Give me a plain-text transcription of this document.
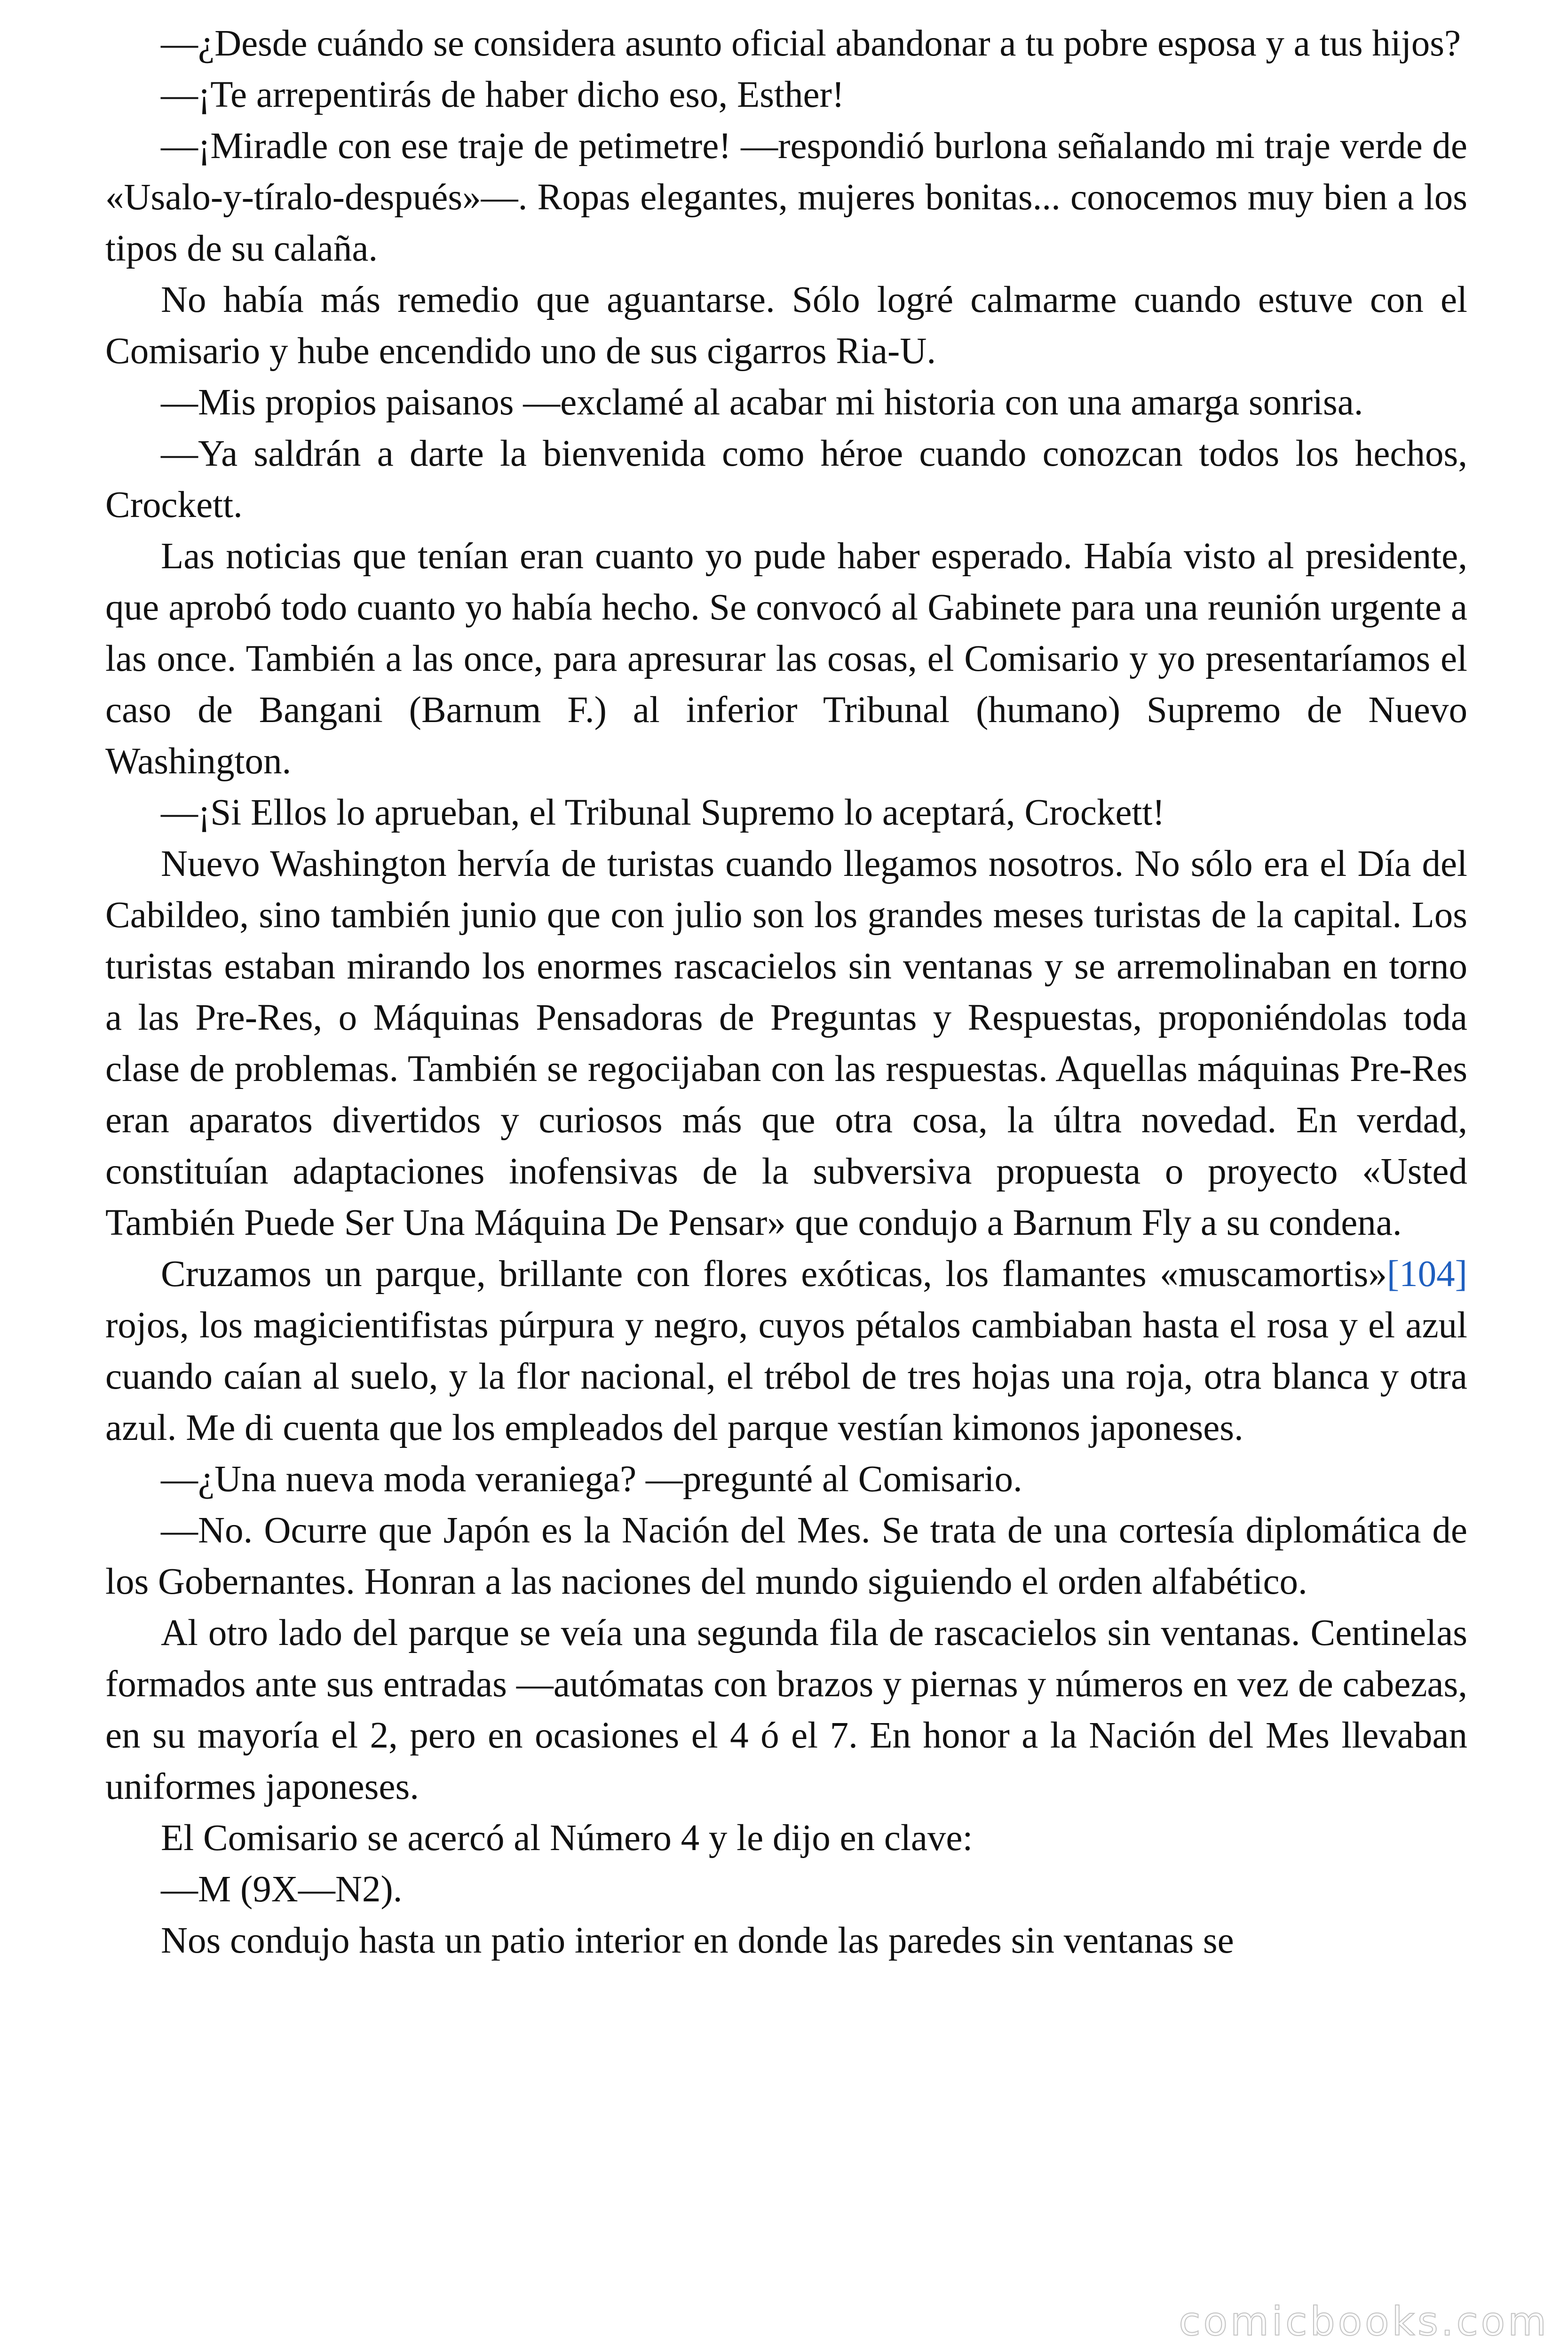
—¿Desde cuándo se considera asunto oficial abandonar a tu pobre esposa y a tus hijos?

—¡Te arrepentirás de haber dicho eso, Esther!

—¡Miradle con ese traje de petimetre! —respondió burlona señalando mi traje verde de «Usalo-y-tíralo-después»—. Ropas elegantes, mujeres bonitas... conocemos muy bien a los tipos de su calaña.

No había más remedio que aguantarse. Sólo logré calmarme cuando estuve con el Comisario y hube encendido uno de sus cigarros Ria-U.

—Mis propios paisanos —exclamé al acabar mi historia con una amarga sonrisa.

—Ya saldrán a darte la bienvenida como héroe cuando conozcan todos los hechos, Crockett.

Las noticias que tenían eran cuanto yo pude haber esperado. Había visto al presidente, que aprobó todo cuanto yo había hecho. Se convocó al Gabinete para una reunión urgente a las once. También a las once, para apresurar las cosas, el Comisario y yo presentaríamos el caso de Bangani (Barnum F.) al inferior Tribunal (humano) Supremo de Nuevo Washington.

—¡Si Ellos lo aprueban, el Tribunal Supremo lo aceptará, Crockett!

Nuevo Washington hervía de turistas cuando llegamos nosotros. No sólo era el Día del Cabildeo, sino también junio que con julio son los grandes meses turistas de la capital. Los turistas estaban mirando los enormes rascacielos sin ventanas y se arremolinaban en torno a las Pre-Res, o Máquinas Pensadoras de Preguntas y Respuestas, proponiéndolas toda clase de problemas. También se regocijaban con las respuestas. Aquellas máquinas Pre-Res eran aparatos divertidos y curiosos más que otra cosa, la últra novedad. En verdad, constituían adaptaciones inofensivas de la subversiva propuesta o proyecto «Usted También Puede Ser Una Máquina De Pensar» que condujo a Barnum Fly a su condena.

Cruzamos un parque, brillante con flores exóticas, los flamantes «muscamortis»[104] rojos, los magicientifistas púrpura y negro, cuyos pétalos cambiaban hasta el rosa y el azul cuando caían al suelo, y la flor nacional, el trébol de tres hojas una roja, otra blanca y otra azul. Me di cuenta que los empleados del parque vestían kimonos japoneses.

—¿Una nueva moda veraniega? —pregunté al Comisario.

—No. Ocurre que Japón es la Nación del Mes. Se trata de una cortesía diplomática de los Gobernantes. Honran a las naciones del mundo siguiendo el orden alfabético.

Al otro lado del parque se veía una segunda fila de rascacielos sin ventanas. Centinelas formados ante sus entradas —autómatas con brazos y piernas y números en vez de cabezas, en su mayoría el 2, pero en ocasiones el 4 ó el 7. En honor a la Nación del Mes llevaban uniformes japoneses.

El Comisario se acercó al Número 4 y le dijo en clave:

—M (9X—N2).

Nos condujo hasta un patio interior en donde las paredes sin ventanas se

comicbooks.com
